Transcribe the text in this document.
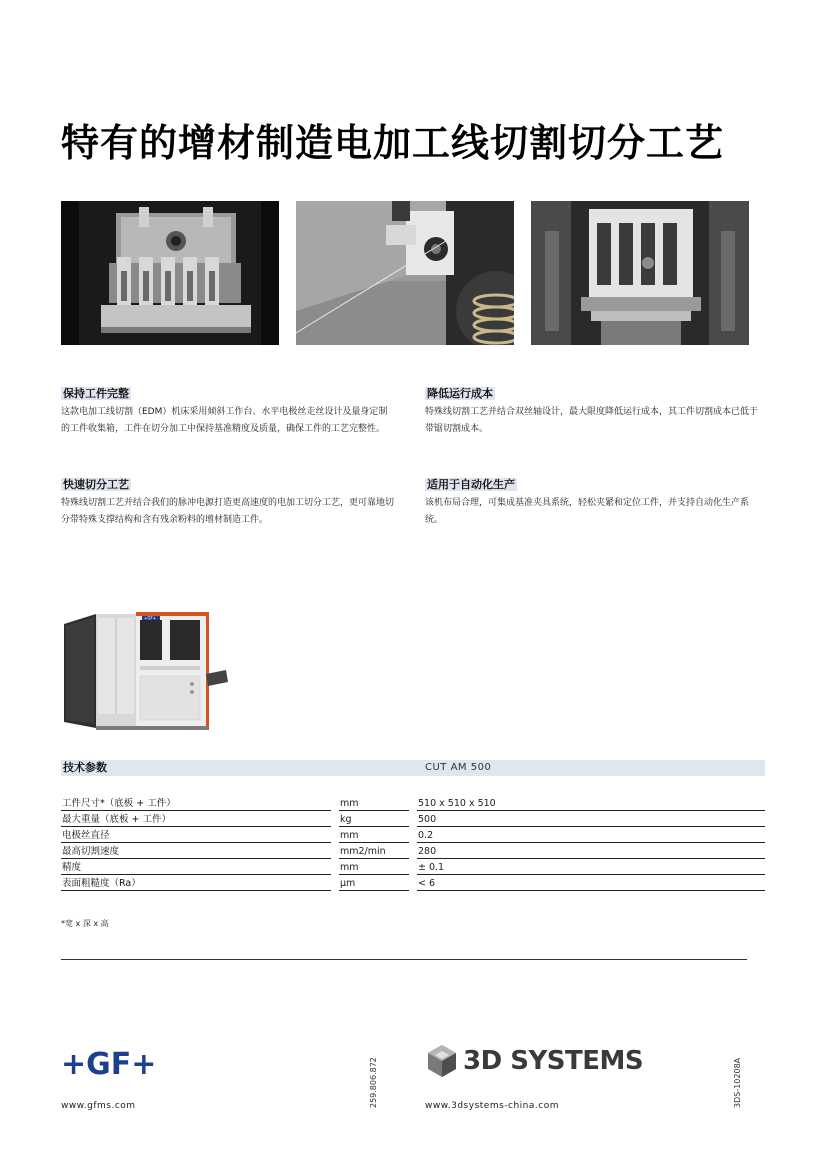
特有的增材制造电加工线切割切分工艺
保持工件完整

这款电加工线切割（EDM）机床采用倾斜工作台、水平电极丝走丝设计及量身定制的工件收集箱，工件在切分加工中保持基准精度及质量，确保工件的工艺完整性。

降低运行成本

特殊线切割工艺并结合双丝轴设计，最大限度降低运行成本，其工件切割成本已低于带锯切割成本。

快速切分工艺

特殊线切割工艺并结合我们的脉冲电源打造更高速度的电加工切分工艺，更可靠地切分带特殊支撑结构和含有残余粉料的增材制造工件。

适用于自动化生产

该机布局合理，可集成基准夹具系统，轻松夹紧和定位工件，并支持自动化生产系统。

+GF+
技术参数	CUT AM 500
工件尺寸*（底板 + 工件）		mm		510 x 510 x 510
最大重量（底板 + 工件）		kg		500
电极丝直径		mm		0.2
最高切割速度		mm2/min		280
精度		mm		± 0.1
表面粗糙度（Ra）		μm		< 6
*宽 x 深 x 高
+GF+
www.gfms.com	259.806.872	3D SYSTEMS
www.3dsystems-china.com	3DS-10208A
